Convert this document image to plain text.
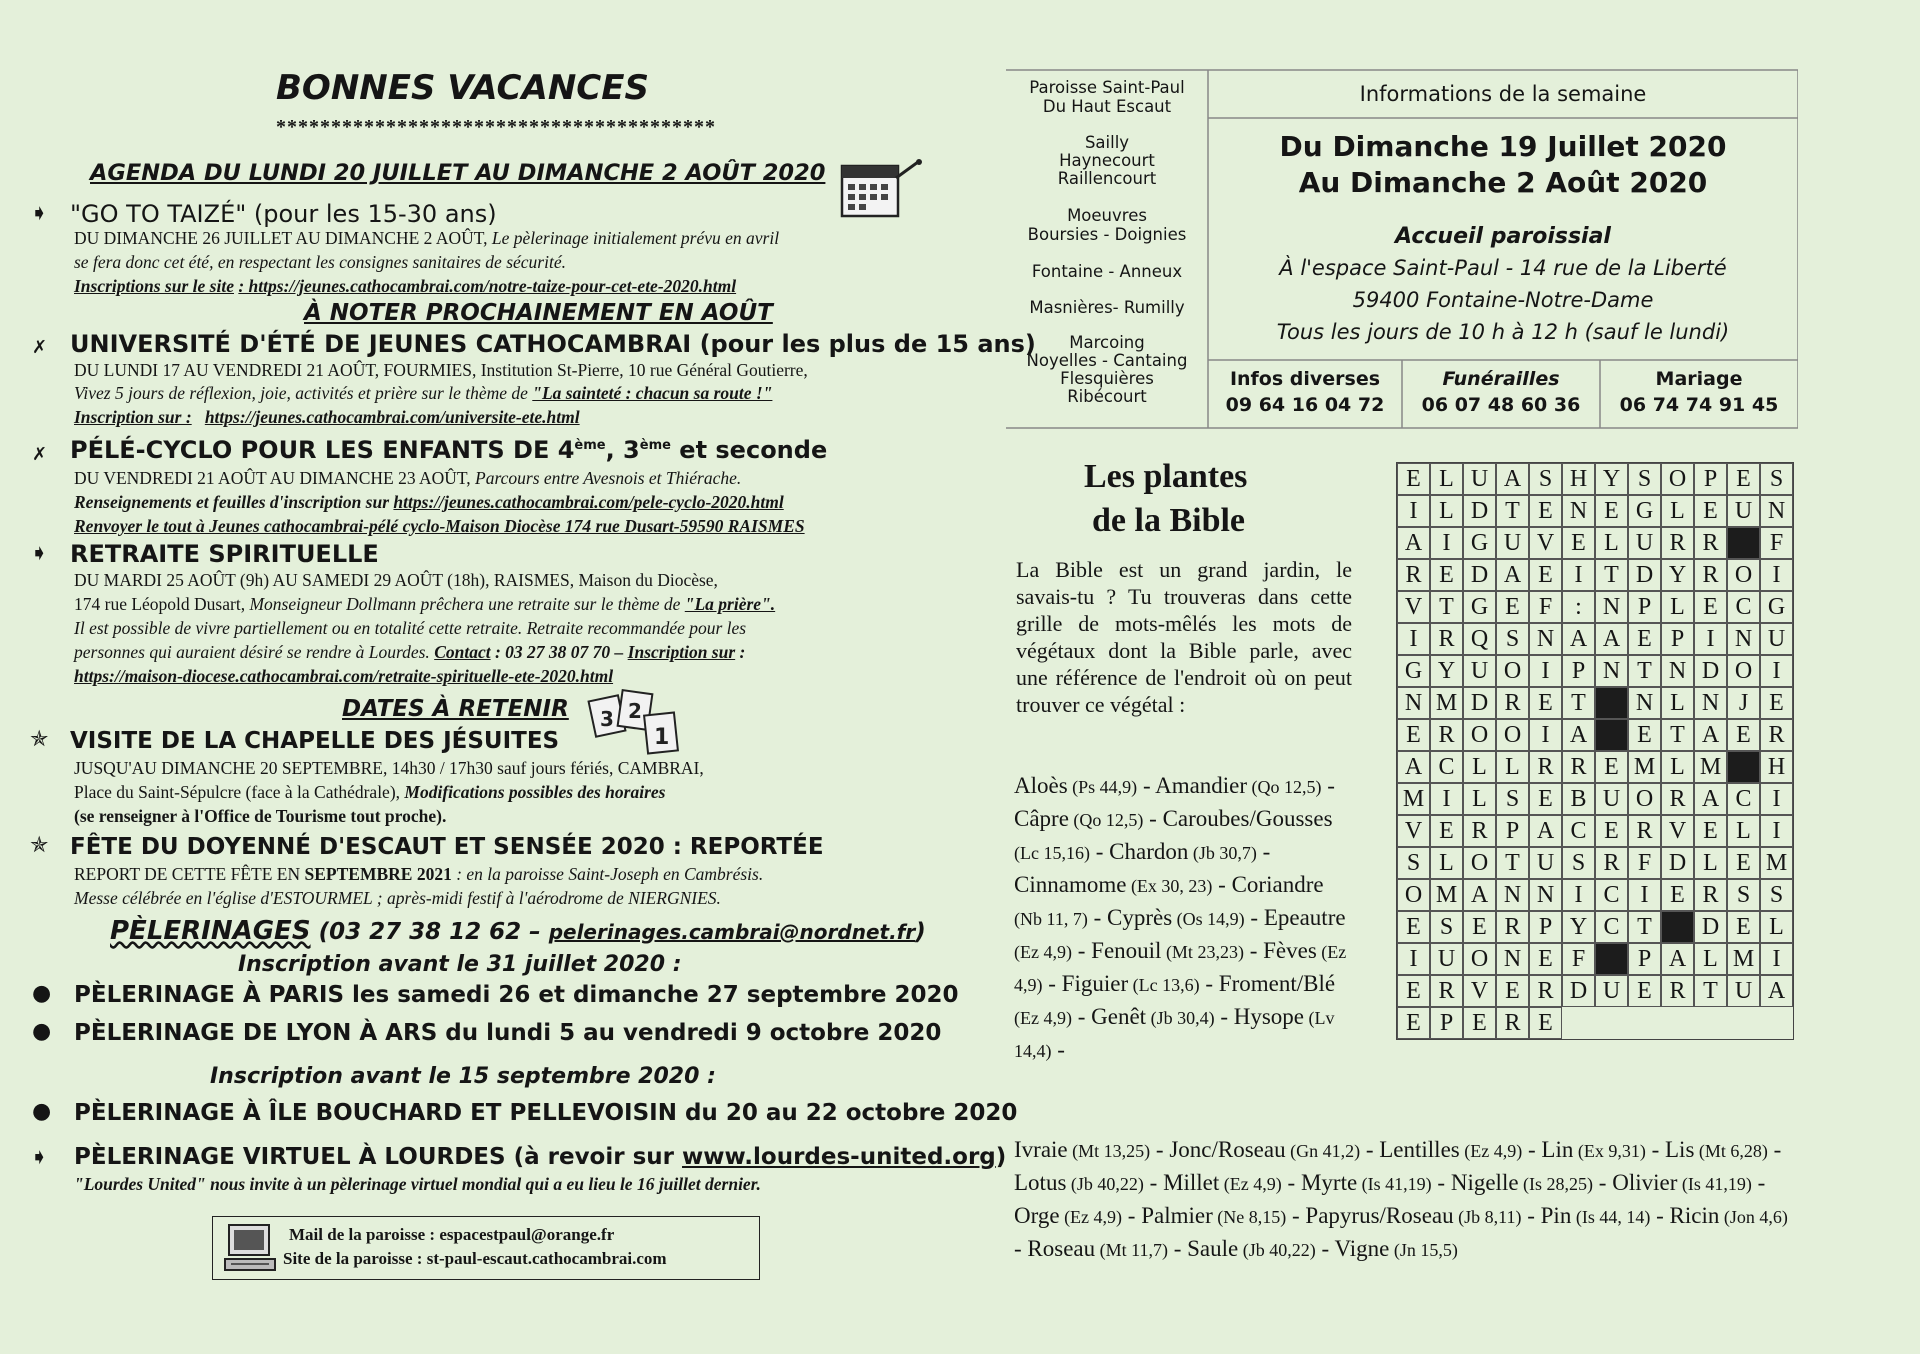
BONNES VACANCES
****************************************
AGENDA DU LUNDI 20 JUILLET AU DIMANCHE 2 AOÛT 2020
➧ "GO TO TAIZÉ" (pour les 15-30 ans)
DU DIMANCHE 26 JUILLET AU DIMANCHE 2 AOÛT, Le pèlerinage initialement prévu en avril
se fera donc cet été, en respectant les consignes sanitaires de sécurité.
Inscriptions sur le site : https://jeunes.cathocambrai.com/notre-taize-pour-cet-ete-2020.html
À NOTER PROCHAINEMENT EN AOÛT
✗ UNIVERSITÉ D'ÉTÉ DE JEUNES CATHOCAMBRAI (pour les plus de 15 ans)
DU LUNDI 17 AU VENDREDI 21 AOÛT, FOURMIES, Institution St-Pierre, 10 rue Général Goutierre,
Vivez 5 jours de réflexion, joie, activités et prière sur le thème de "La sainteté : chacun sa route !"
Inscription sur : https://jeunes.cathocambrai.com/universite-ete.html
✗ PÉLÉ-CYCLO POUR LES ENFANTS DE 4ème, 3ème et seconde
DU VENDREDI 21 AOÛT AU DIMANCHE 23 AOÛT, Parcours entre Avesnois et Thiérache.
Renseignements et feuilles d'inscription sur https://jeunes.cathocambrai.com/pele-cyclo-2020.html
Renvoyer le tout à Jeunes cathocambrai-pélé cyclo-Maison Diocèse 174 rue Dusart-59590 RAISMES
➧ RETRAITE SPIRITUELLE
DU MARDI 25 AOÛT (9h) AU SAMEDI 29 AOÛT (18h), RAISMES, Maison du Diocèse,
174 rue Léopold Dusart, Monseigneur Dollmann prêchera une retraite sur le thème de "La prière".
Il est possible de vivre partiellement ou en totalité cette retraite. Retraite recommandée pour les
personnes qui auraient désiré se rendre à Lourdes. Contact : 03 27 38 07 70 – Inscription sur :
https://maison-diocese.cathocambrai.com/retraite-spirituelle-ete-2020.html
DATES À RETENIR 3 2
1
✯ VISITE DE LA CHAPELLE DES JÉSUITES
JUSQU'AU DIMANCHE 20 SEPTEMBRE, 14h30 / 17h30 sauf jours fériés, CAMBRAI,
Place du Saint-Sépulcre (face à la Cathédrale), Modifications possibles des horaires
(se renseigner à l'Office de Tourisme tout proche).
✯ FÊTE DU DOYENNÉ D'ESCAUT ET SENSÉE 2020 : REPORTÉE
REPORT DE CETTE FÊTE EN SEPTEMBRE 2021 : en la paroisse Saint-Joseph en Cambrésis.
Messe célébrée en l'église d'ESTOURMEL ; après-midi festif à l'aérodrome de NIERGNIES.
PÈLERINAGES (03 27 38 12 62 – pelerinages.cambrai@nordnet.fr)
Inscription avant le 31 juillet 2020 :
● PÈLERINAGE À PARIS les samedi 26 et dimanche 27 septembre 2020
● PÈLERINAGE DE LYON À ARS du lundi 5 au vendredi 9 octobre 2020
Inscription avant le 15 septembre 2020 :
● PÈLERINAGE À ÎLE BOUCHARD ET PELLEVOISIN du 20 au 22 octobre 2020
➧ PÈLERINAGE VIRTUEL À LOURDES (à revoir sur www.lourdes-united.org)
"Lourdes United" nous invite à un pèlerinage virtuel mondial qui a eu lieu le 16 juillet dernier.
Mail de la paroisse : espacestpaul@orange.fr
Site de la paroisse : st-paul-escaut.cathocambrai.com
Paroisse Saint-Paul
Du Haut Escaut
Sailly
Haynecourt
Raillencourt
Moeuvres
Boursies - Doignies
Fontaine - Anneux
Masnières- Rumilly
Marcoing
Noyelles - Cantaing
Flesquières
Ribécourt
Informations de la semaine
Du Dimanche 19 Juillet 2020
Au Dimanche 2 Août 2020
Accueil paroissial
À l'espace Saint-Paul - 14 rue de la Liberté
59400 Fontaine-Notre-Dame
Tous les jours de 10 h à 12 h (sauf le lundi)
Infos diverses
09 64 16 04 72
Funérailles
06 07 48 60 36
Mariage
06 74 74 91 45
Les plantes
de la Bible
La Bible est un grand jardin, le savais-tu ? Tu trouveras dans cette grille de mots-mêlés les mots de végétaux dont la Bible parle, avec une référence de l'endroit où on peut trouver ce végétal :
Aloès (Ps 44,9) - Amandier (Qo 12,5) - Câpre (Qo 12,5) - Caroubes/Gousses (Lc 15,16) - Chardon (Jb 30,7) - Cinnamome (Ex 30, 23) - Coriandre (Nb 11, 7) - Cyprès (Os 14,9) - Epeautre (Ez 4,9) - Fenouil (Mt 23,23) - Fèves (Ez 4,9) - Figuier (Lc 13,6) - Froment/Blé (Ez 4,9) - Genêt (Jb 30,4) - Hysope (Lv 14,4) -
Ivraie (Mt 13,25) - Jonc/Roseau (Gn 41,2) - Lentilles (Ez 4,9) - Lin (Ex 9,31) - Lis (Mt 6,28) - Lotus (Jb 40,22) - Millet (Ez 4,9) - Myrte (Is 41,19) - Nigelle (Is 28,25) - Olivier (Is 41,19) - Orge (Ez 4,9) - Palmier (Ne 8,15) - Papyrus/Roseau (Jb 8,11) - Pin (Is 44, 14) - Ricin (Jon 4,6) - Roseau (Mt 11,7) - Saule (Jb 40,22) - Vigne (Jn 15,5)
E L U A S H Y S O P E S
I L D T E N E G L E U N
A I G U V E L U R R	F
R E D A E I T D Y R O I
V T G E F : N P L E C G
I R Q S N A A E P I N U
G Y U O I P N T N D O I
N M D R E T	N L N J E
E R O O I A	E T A E R
A C L L R R E M L M	H
M I L S E B U O R A C I
V E R P A C E R V E L I
S L O T U S R F D L E M
O M A N N I C I E R S S
E S E R P Y C T	D E L
I U O N E F	P A L M I
E R V E R D U E R T U A
E P E R E
